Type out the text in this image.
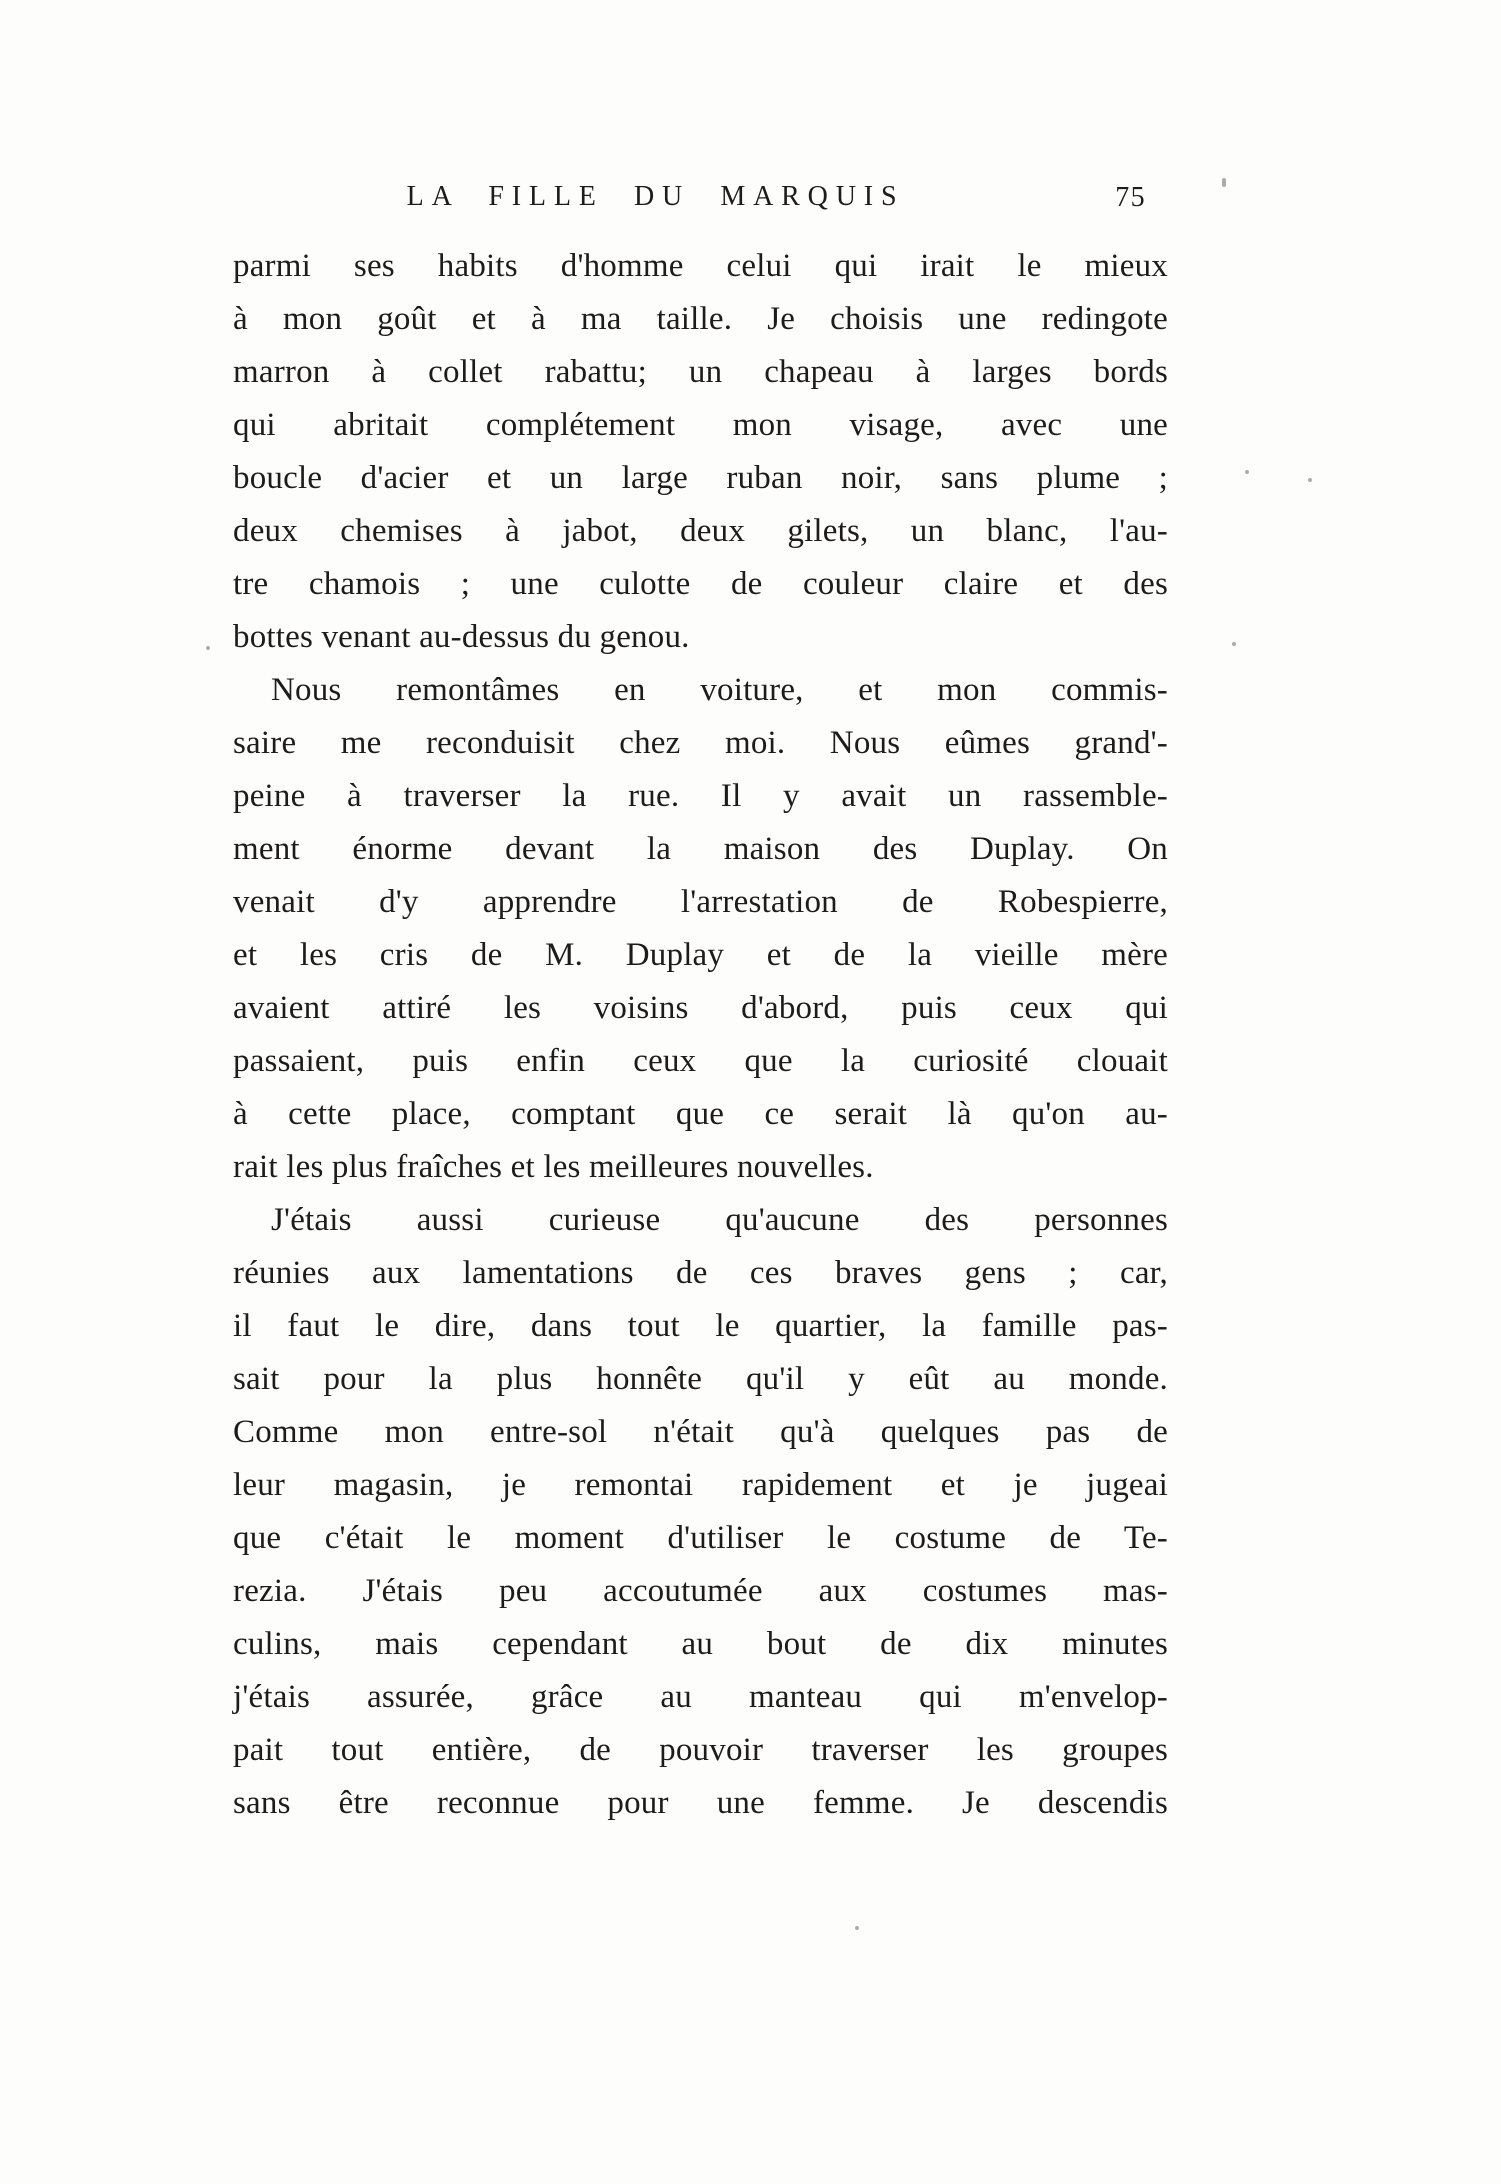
LA FILLE DU MARQUIS	75
parmi ses habits d'homme celui qui irait le mieux
à mon goût et à ma taille. Je choisis une redingote
marron à collet rabattu; un chapeau à larges bords
qui abritait complétement mon visage, avec une
boucle d'acier et un large ruban noir, sans plume ;
deux chemises à jabot, deux gilets, un blanc, l'au-
tre chamois ; une culotte de couleur claire et des
bottes venant au-dessus du genou.
Nous remontâmes en voiture, et mon commis-
saire me reconduisit chez moi. Nous eûmes grand'-
peine à traverser la rue. Il y avait un rassemble-
ment énorme devant la maison des Duplay. On
venait d'y apprendre l'arrestation de Robespierre,
et les cris de M. Duplay et de la vieille mère
avaient attiré les voisins d'abord, puis ceux qui
passaient, puis enfin ceux que la curiosité clouait
à cette place, comptant que ce serait là qu'on au-
rait les plus fraîches et les meilleures nouvelles.
J'étais aussi curieuse qu'aucune des personnes
réunies aux lamentations de ces braves gens ; car,
il faut le dire, dans tout le quartier, la famille pas-
sait pour la plus honnête qu'il y eût au monde.
Comme mon entre-sol n'était qu'à quelques pas de
leur magasin, je remontai rapidement et je jugeai
que c'était le moment d'utiliser le costume de Te-
rezia. J'étais peu accoutumée aux costumes mas-
culins, mais cependant au bout de dix minutes
j'étais assurée, grâce au manteau qui m'envelop-
pait tout entière, de pouvoir traverser les groupes
sans être reconnue pour une femme. Je descendis
